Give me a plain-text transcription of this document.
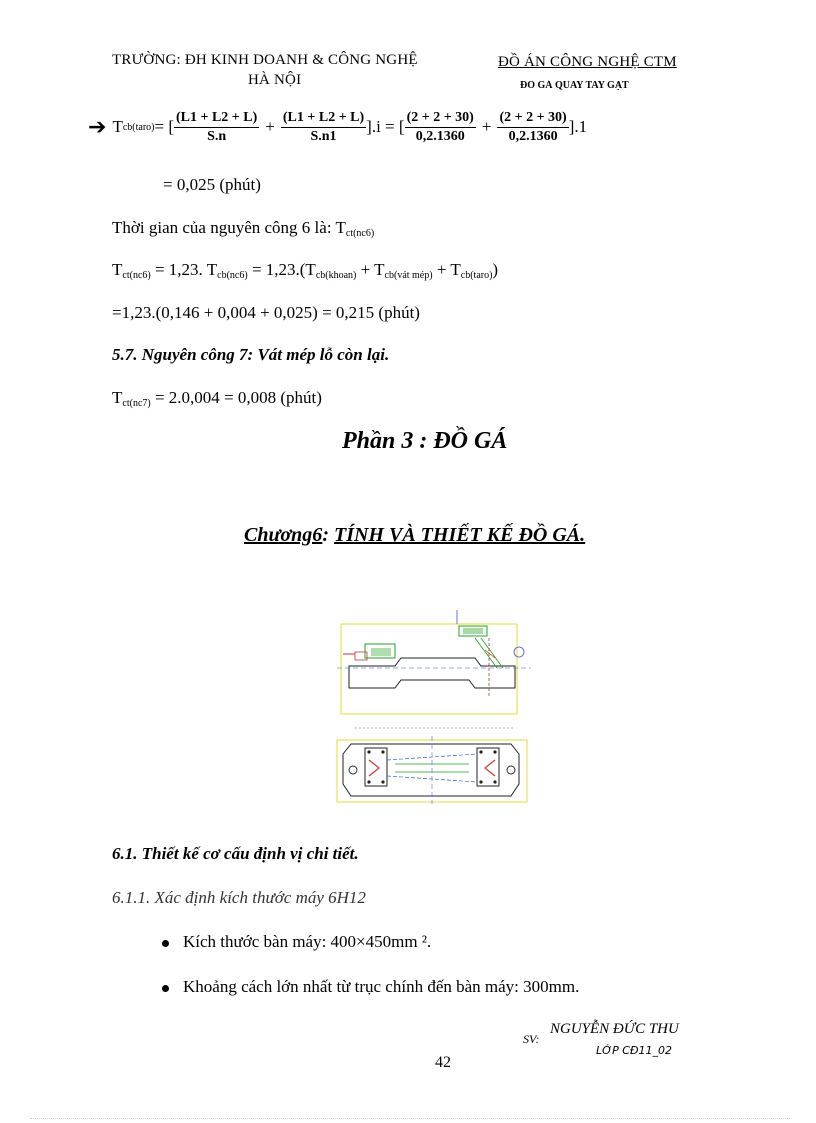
TRƯỜNG: ĐH KINH DOANH & CÔNG NGHỆ
HÀ NỘI
ĐỒ ÁN CÔNG NGHỆ CTM
ĐỒ GÁ QUAY TAY GẠT
➔ T cb(taro) = [ $\frac{(L1 + L2 + L)}{S.n} + \frac{(L1 + L2 + L)}{S.n1} ].i$ = [ $\frac{(2 + 2 + 30)}{0,2.1360} + \frac{(2 + 2 + 30)}{0,2.1360} ].1$
= 0,025 (phút)
Thời gian của nguyên công 6 là: $T_{ct(nc6)}$
$T_{ct(nc6)} = 1,23$. $T_{cb(nc6)} = 1,23.(T_{cb(khoan)} + T_{cb(vát mép)} + T_{cb(taro)})$
=1,23.(0,146 + 0,004 + 0,025) = 0,215 (phút)
5.7. Nguyên công 7: Vát mép lỗ còn lại.
$T_{ct(nc7)} = 2.0,004 = 0,008$ (phút)
Phần 3 : ĐỒ GÁ
Chương6: TÍNH VÀ THIẾT KẾ ĐỒ GÁ.
6.1. Thiết kế cơ cấu định vị chi tiết.
6.1.1. Xác định kích thước máy 6H12
Kích thước bàn máy: 400×450mm ².
Khoảng cách lớn nhất từ trục chính đến bàn máy: 300mm.
SV:
NGUYỄN ĐỨC THU
LỚP CĐ11_02
42
